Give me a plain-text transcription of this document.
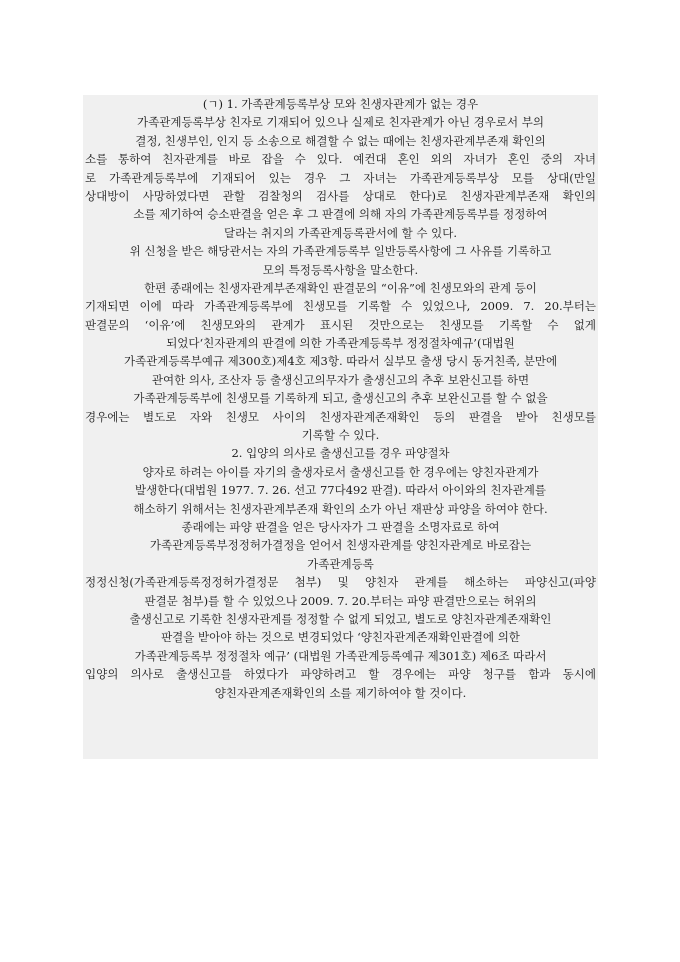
(ㄱ) 1. 가족관계등록부상 모와 친생자관계가 없는 경우
가족관계등록부상 친자로 기재되어 있으나 실제로 친자관계가 아닌 경우로서 부의
결정, 친생부인, 인지 등 소송으로 해결할 수 없는 때에는 친생자관계부존재 확인의
소를 통하여 친자관계를 바로 잡을 수 있다. 예컨대 혼인 외의 자녀가 혼인 중의 자녀
로 가족관계등록부에 기재되어 있는 경우 그 자녀는 가족관계등록부상 모를 상대(만일
상대방이 사망하였다면 관할 검찰청의 검사를 상대로 한다)로 친생자관계부존재 확인의
소를 제기하여 승소판결을 얻은 후 그 판결에 의해 자의 가족관계등록부를 정정하여
달라는 취지의 가족관계등록관서에 할 수 있다.
위 신청을 받은 해당관서는 자의 가족관계등록부 일반등록사항에 그 사유를 기록하고
모의 특정등록사항을 말소한다.
한편 종래에는 친생자관계부존재확인 판결문의 “이유”에 친생모와의 관계 등이
기재되면 이에 따라 가족관계등록부에 친생모를 기록할 수 있었으나, 2009. 7. 20.부터는
판결문의 ‘이유’에 친생모와의 관계가 표시된 것만으로는 친생모를 기록할 수 없게
되었다‘친자관계의 판결에 의한 가족관계등록부 정정절차예규’(대법원
가족관계등록부예규 제300호)제4호 제3항. 따라서 실부모 출생 당시 동거친족, 분만에
관여한 의사, 조산자 등 출생신고의무자가 출생신고의 추후 보완신고를 하면
가족관계등록부에 친생모를 기록하게 되고, 출생신고의 추후 보완신고를 할 수 없을
경우에는 별도로 자와 친생모 사이의 친생자관계존재확인 등의 판결을 받아 친생모를
기록할 수 있다.
2. 입양의 의사로 출생신고를 경우 파양절차
양자로 하려는 아이를 자기의 출생자로서 출생신고를 한 경우에는 양친자관계가
발생한다(대법원 1977. 7. 26. 선고 77다492 판결). 따라서 아이와의 친자관계를
해소하기 위해서는 친생자관계부존재 확인의 소가 아닌 재판상 파양을 하여야 한다.
종래에는 파양 판결을 얻은 당사자가 그 판결을 소명자료로 하여
가족관계등록부정정허가결정을 얻어서 친생자관계를 양친자관계로 바로잡는
가족관계등록
정정신청(가족관계등록정정허가결정문 첨부) 및 양친자 관계를 해소하는 파양신고(파양
판결문 첨부)를 할 수 있었으나 2009. 7. 20.부터는 파양 판결만으로는 허위의
출생신고로 기록한 친생자관계를 정정할 수 없게 되었고, 별도로 양친자관계존재확인
판결을 받아야 하는 것으로 변경되었다 ‘양친자관계존재확인판결에 의한
가족관계등록부 정정절차 예규’ (대법원 가족관계등록예규 제301호) 제6조 따라서
입양의 의사로 출생신고를 하였다가 파양하려고 할 경우에는 파양 청구를 함과 동시에
양친자관계존재확인의 소를 제기하여야 할 것이다.
